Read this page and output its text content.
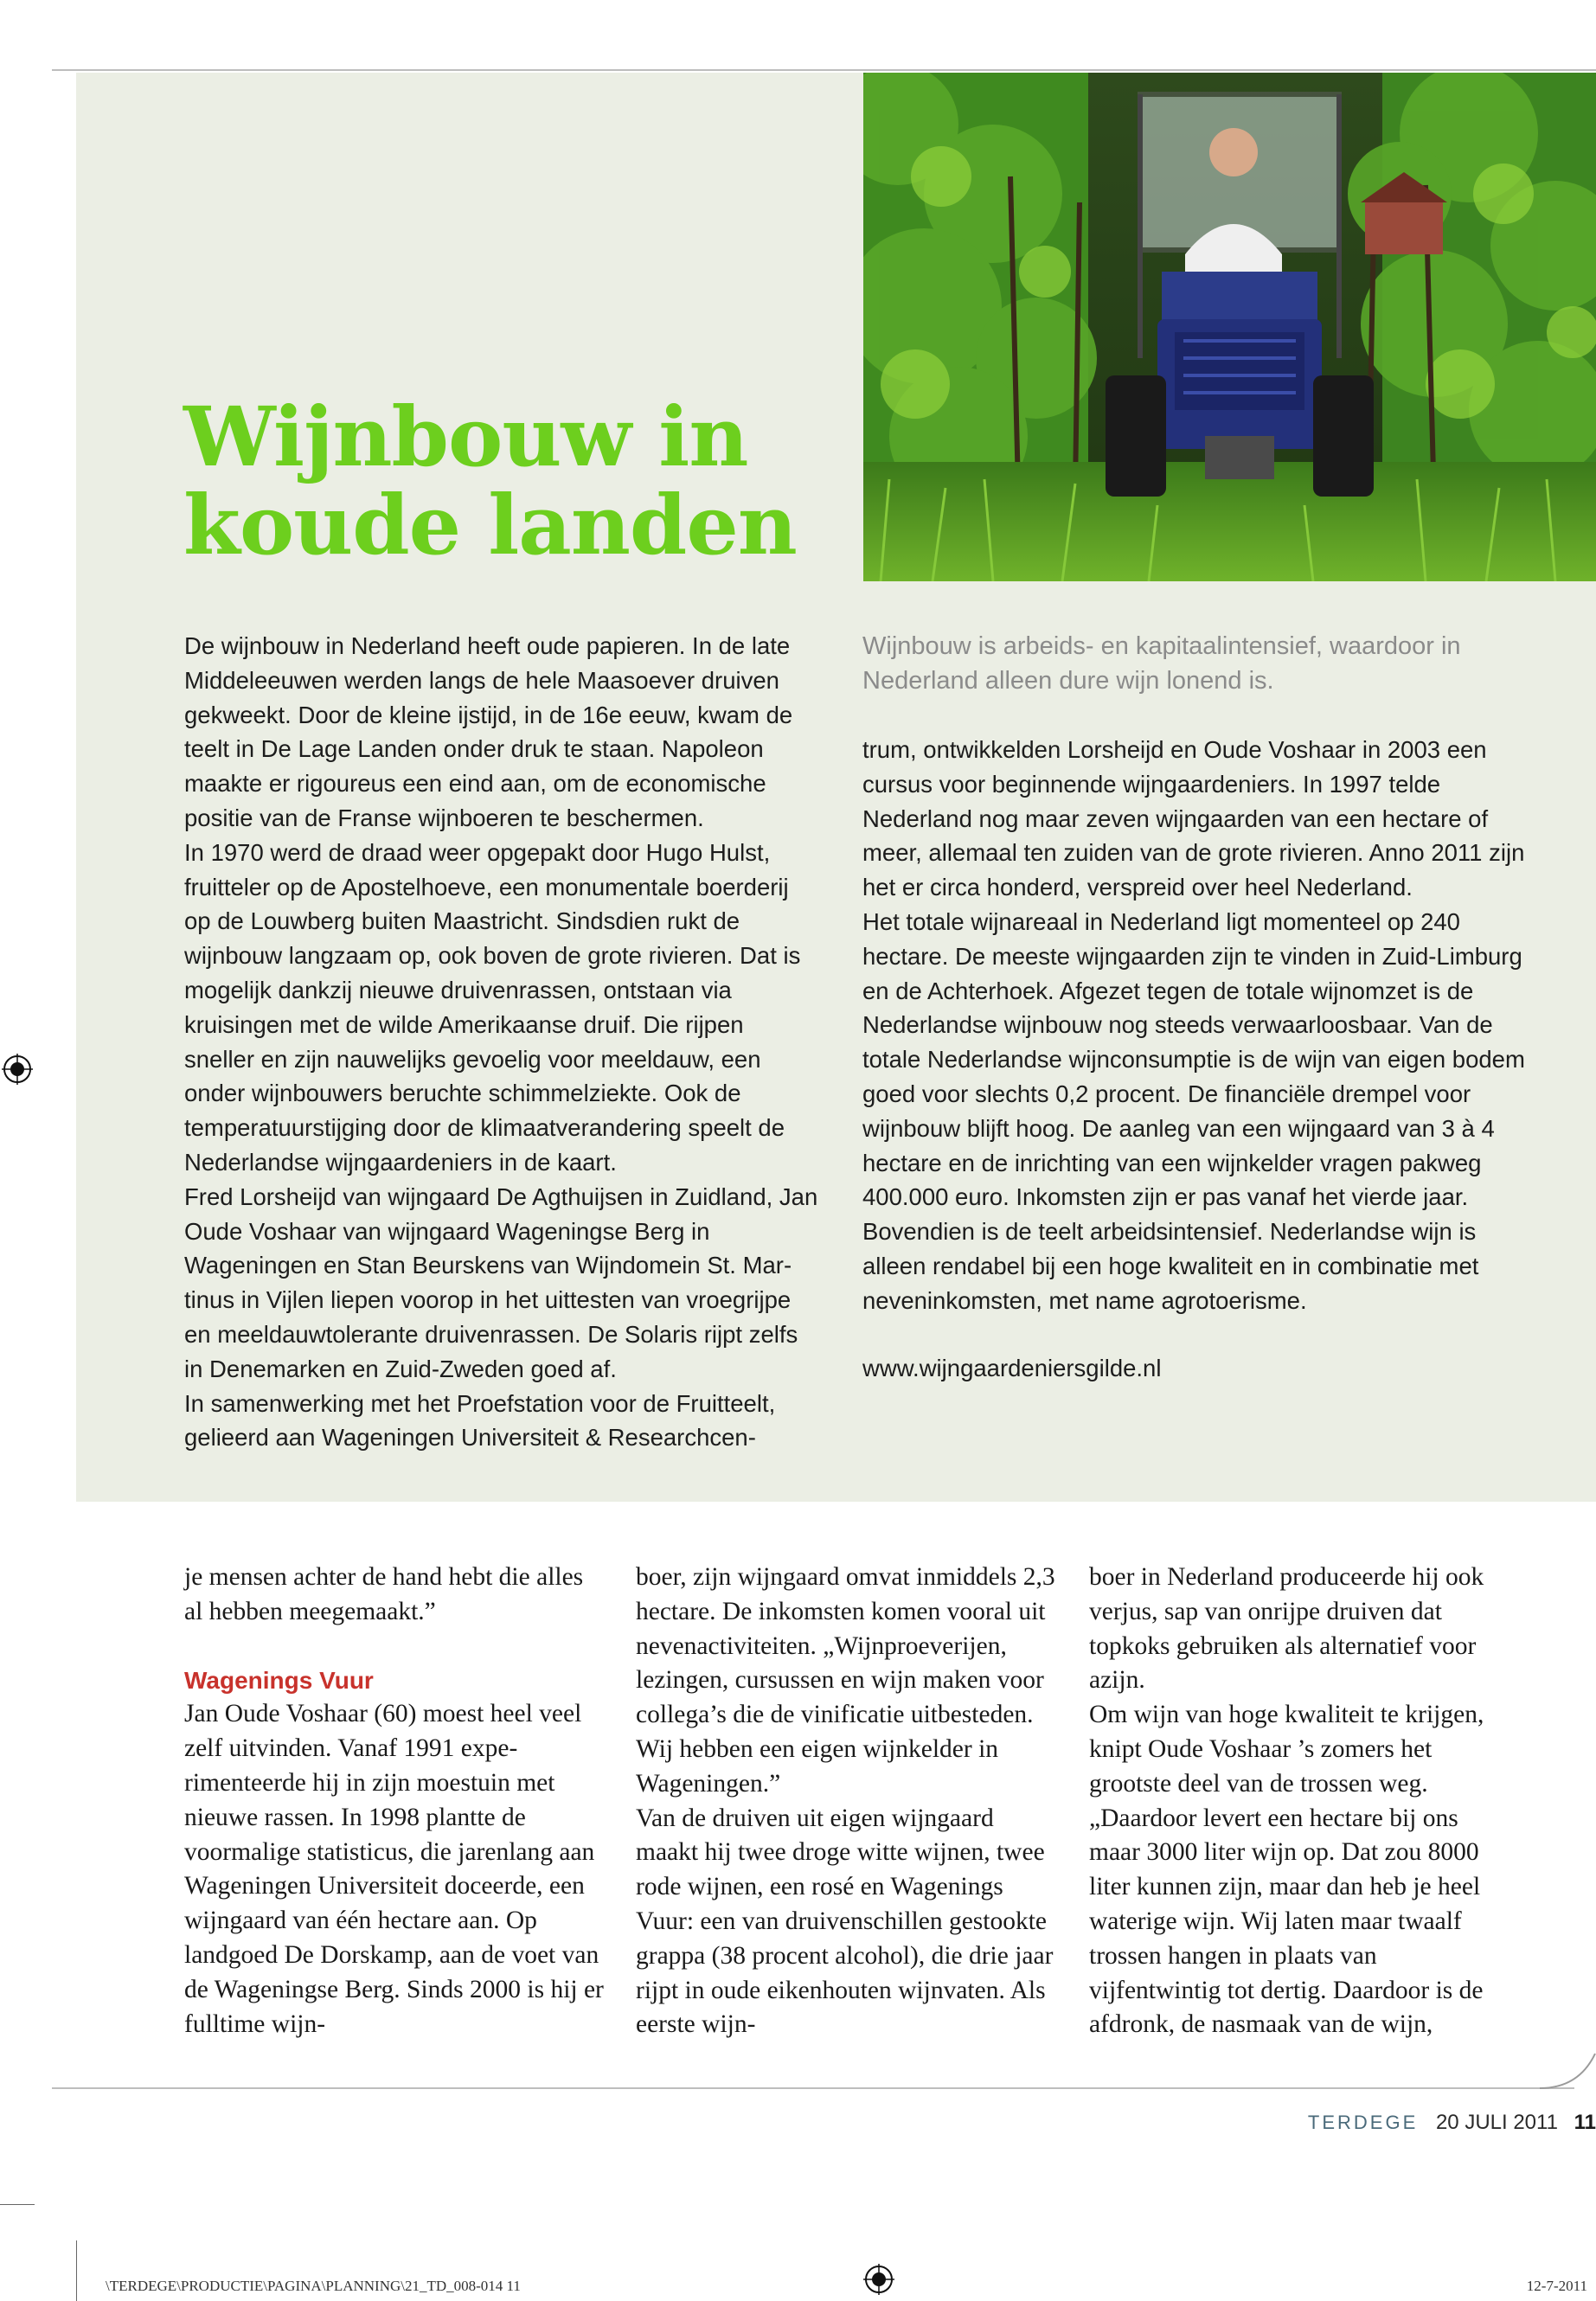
Wijnbouw in
koude landen

De wijnbouw in Nederland heeft oude papieren. In de late Middeleeuwen werden langs de hele Maasoever druiven gekweekt. Door de kleine ijstijd, in de 16e eeuw, kwam de teelt in De Lage Landen onder druk te staan. Napoleon maakte er rigoureus een eind aan, om de economische positie van de Franse wijnboeren te beschermen.

In 1970 werd de draad weer opgepakt door Hugo Hulst, fruitteler op de Apostelhoeve, een monumentale boerderij op de Louwberg buiten Maastricht. Sindsdien rukt de wijnbouw langzaam op, ook boven de grote rivieren. Dat is mogelijk dankzij nieuwe druivenrassen, ontstaan via kruisingen met de wilde Amerikaanse druif. Die rijpen sneller en zijn nauwelijks gevoelig voor meeldauw, een onder wijnbouwers beruchte schimmelziekte. Ook de temperatuurstijging door de klimaatverandering speelt de Nederlandse wijngaardeniers in de kaart.

Fred Lorsheijd van wijngaard De Agthuijsen in Zuidland, Jan Oude Voshaar van wijngaard Wageningse Berg in Wageningen en Stan Beurskens van Wijndomein St. Martinus in Vijlen liepen voorop in het uittesten van vroegrijpe en meeldauwtolerante druivenrassen. De Solaris rijpt zelfs in Denemarken en Zuid-Zweden goed af.

In samenwerking met het Proefstation voor de Fruitteelt, gelieerd aan Wageningen Universiteit & Researchcen-

Wijnbouw is arbeids- en kapitaalintensief, waardoor in Nederland alleen dure wijn lonend is.

trum, ontwikkelden Lorsheijd en Oude Voshaar in 2003 een cursus voor beginnende wijngaardeniers. In 1997 telde Nederland nog maar zeven wijngaarden van een hectare of meer, allemaal ten zuiden van de grote rivieren. Anno 2011 zijn het er circa honderd, verspreid over heel Nederland.

Het totale wijnareaal in Nederland ligt momenteel op 240 hectare. De meeste wijngaarden zijn te vinden in Zuid-Limburg en de Achterhoek. Afgezet tegen de totale wijnomzet is de Nederlandse wijnbouw nog steeds verwaarloosbaar. Van de totale Nederlandse wijnconsumptie is de wijn van eigen bodem goed voor slechts 0,2 procent. De financiële drempel voor wijnbouw blijft hoog. De aanleg van een wijngaard van 3 à 4 hectare en de inrichting van een wijnkelder vragen pakweg 400.000 euro. Inkomsten zijn er pas vanaf het vierde jaar. Bovendien is de teelt arbeidsintensief. Nederlandse wijn is alleen rendabel bij een hoge kwaliteit en in combinatie met neveninkomsten, met name agrotoerisme.

www.wijngaardeniersgilde.nl

je mensen achter de hand hebt die alles al hebben meegemaakt.”

Wagenings Vuur

Jan Oude Voshaar (60) moest heel veel zelf uitvinden. Vanaf 1991 experimenteerde hij in zijn moestuin met nieuwe rassen. In 1998 plantte de voormalige statisticus, die jarenlang aan Wageningen Universiteit doceerde, een wijngaard van één hectare aan. Op landgoed De Dorskamp, aan de voet van de Wageningse Berg. Sinds 2000 is hij er fulltime wijn-

boer, zijn wijngaard omvat inmiddels 2,3 hectare. De inkomsten komen vooral uit nevenactiviteiten. „Wijnproeverijen, lezingen, cursussen en wijn maken voor collega’s die de vinificatie uitbesteden. Wij hebben een eigen wijnkelder in Wageningen.”

Van de druiven uit eigen wijngaard maakt hij twee droge witte wijnen, twee rode wijnen, een rosé en Wagenings Vuur: een van druivenschillen gestookte grappa (38 procent alcohol), die drie jaar rijpt in oude eikenhouten wijnvaten. Als eerste wijn-

boer in Nederland produceerde hij ook verjus, sap van onrijpe druiven dat topkoks gebruiken als alternatief voor azijn.

Om wijn van hoge kwaliteit te krijgen, knipt Oude Voshaar ’s zomers het grootste deel van de trossen weg. „Daardoor levert een hectare bij ons maar 3000 liter wijn op. Dat zou 8000 liter kunnen zijn, maar dan heb je heel waterige wijn. Wij laten maar twaalf trossen hangen in plaats van vijfentwintig tot dertig. Daardoor is de afdronk, de nasmaak van de wijn,

TERDEGE 20 JULI 2011 11
\TERDEGE\PRODUCTIE\PAGINA\PLANNING\21_TD_008-014 11	12-7-2011
